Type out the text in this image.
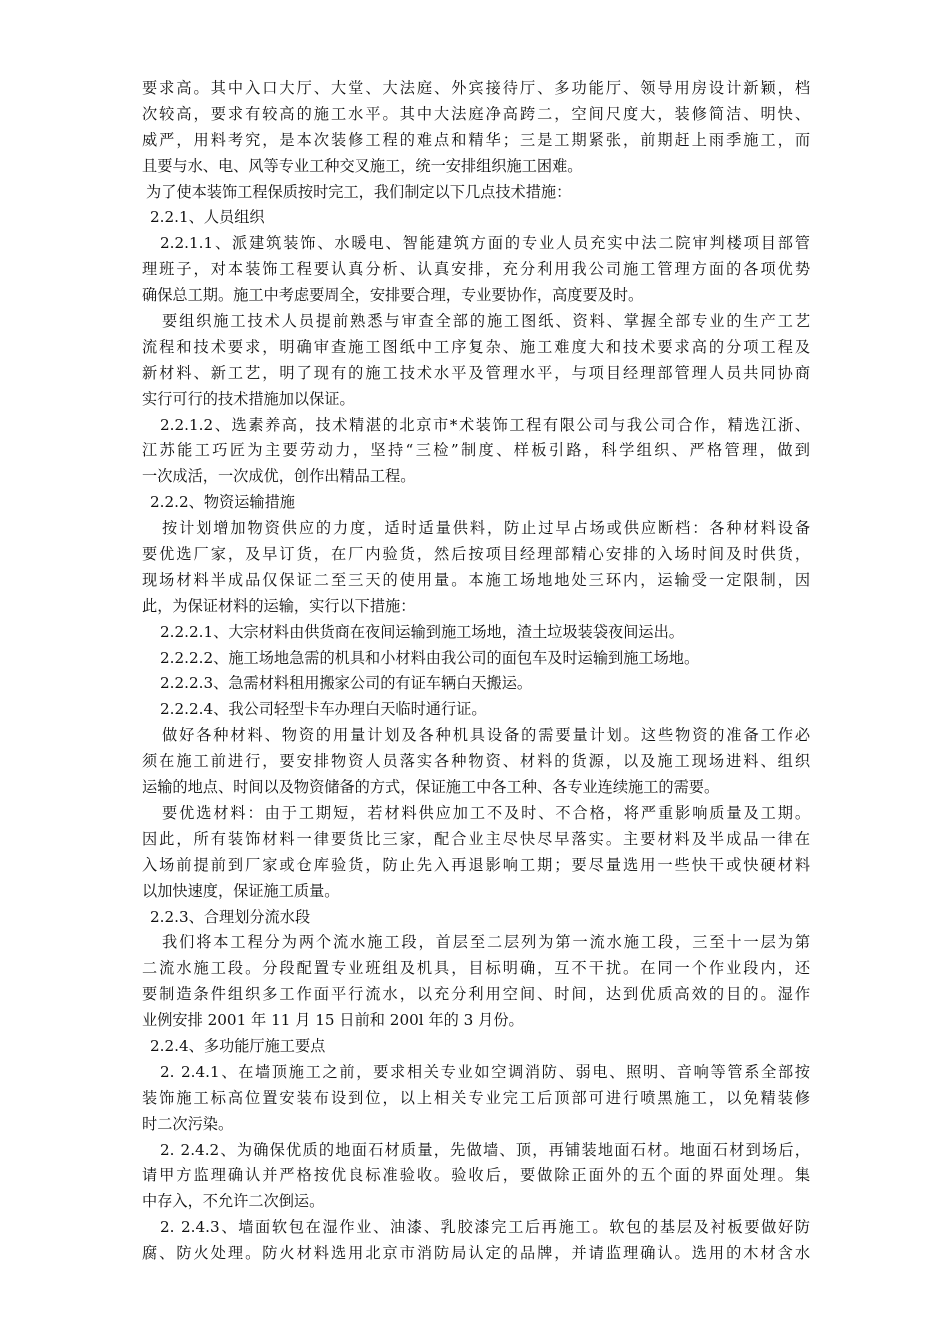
要求高。其中入口大厅、大堂、大法庭、外宾接待厅、多功能厅、领导用房设计新颖，档
次较高，要求有较高的施工水平。其中大法庭净高跨二，空间尺度大，装修简洁、明快、
威严，用料考究，是本次装修工程的难点和精华；三是工期紧张，前期赶上雨季施工，而
且要与水、电、风等专业工种交叉施工，统一安排组织施工困难。
为了使本装饰工程保质按时完工，我们制定以下几点技术措施：
2.2.1、人员组织
2.2.1.1、派建筑装饰、水暖电、智能建筑方面的专业人员充实中法二院审判楼项目部管
理班子，对本装饰工程要认真分析、认真安排，充分利用我公司施工管理方面的各项优势
确保总工期。施工中考虑要周全，安排要合理，专业要协作，高度要及时。
要组织施工技术人员提前熟悉与审查全部的施工图纸、资料、掌握全部专业的生产工艺
流程和技术要求，明确审查施工图纸中工序复杂、施工难度大和技术要求高的分项工程及
新材料、新工艺，明了现有的施工技术水平及管理水平，与项目经理部管理人员共同协商
实行可行的技术措施加以保证。
2.2.1.2、选素养高，技术精湛的北京市*术装饰工程有限公司与我公司合作，精选江浙、
江苏能工巧匠为主要劳动力，坚持“三检”制度、样板引路，科学组织、严格管理，做到
一次成活，一次成优，创作出精品工程。
2.2.2、物资运输措施
按计划增加物资供应的力度，适时适量供料，防止过早占场或供应断档：各种材料设备
要优选厂家，及早订货，在厂内验货，然后按项目经理部精心安排的入场时间及时供货，
现场材料半成品仅保证二至三天的使用量。本施工场地地处三环内，运输受一定限制，因
此，为保证材料的运输，实行以下措施：
2.2.2.1、大宗材料由供货商在夜间运输到施工场地，渣土垃圾装袋夜间运出。
2.2.2.2、施工场地急需的机具和小材料由我公司的面包车及时运输到施工场地。
2.2.2.3、急需材料租用搬家公司的有证车辆白天搬运。
2.2.2.4、我公司轻型卡车办理白天临时通行证。
做好各种材料、物资的用量计划及各种机具设备的需要量计划。这些物资的准备工作必
须在施工前进行，要安排物资人员落实各种物资、材料的货源，以及施工现场进料、组织
运输的地点、时间以及物资储备的方式，保证施工中各工种、各专业连续施工的需要。
要优选材料：由于工期短，若材料供应加工不及时、不合格，将严重影响质量及工期。
因此，所有装饰材料一律要货比三家，配合业主尽快尽早落实。主要材料及半成品一律在
入场前提前到厂家或仓库验货，防止先入再退影响工期；要尽量选用一些快干或快硬材料
以加快速度，保证施工质量。
2.2.3、合理划分流水段
我们将本工程分为两个流水施工段，首层至二层列为第一流水施工段，三至十一层为第
二流水施工段。分段配置专业班组及机具，目标明确，互不干扰。在同一个作业段内，还
要制造条件组织多工作面平行流水，以充分利用空间、时间，达到优质高效的目的。湿作
业例安排 2001 年 11 月 15 日前和 200l 年的 3 月份。
2.2.4、多功能厅施工要点
2. 2.4.1、在墙顶施工之前，要求相关专业如空调消防、弱电、照明、音响等管系全部按
装饰施工标高位置安装布设到位，以上相关专业完工后顶部可进行喷黑施工，以免精装修
时二次污染。
2. 2.4.2、为确保优质的地面石材质量，先做墙、顶，再铺装地面石材。地面石材到场后，
请甲方监理确认并严格按优良标准验收。验收后，要做除正面外的五个面的界面处理。集
中存入，不允许二次倒运。
2. 2.4.3、墙面软包在湿作业、油漆、乳胶漆完工后再施工。软包的基层及衬板要做好防
腐、防火处理。防火材料选用北京市消防局认定的品牌，并请监理确认。选用的木材含水
